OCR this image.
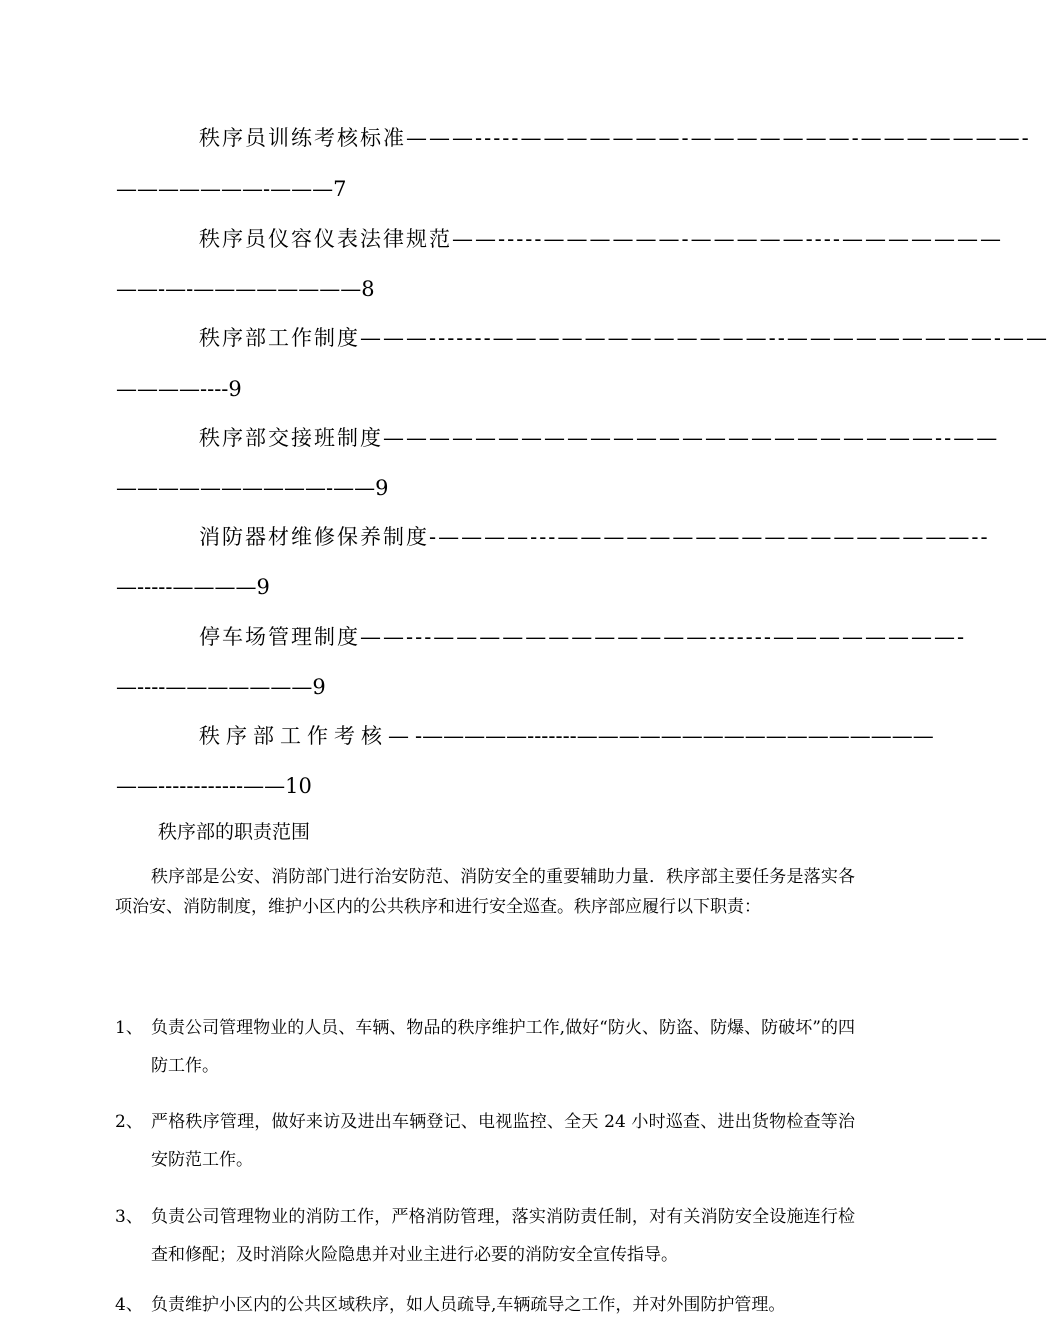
秩序员训练考核标准———-----———————-———————-———————-
———————-———7
秩序员仪容仪表法律规范——-----——————-—————----———————
——-—-————————8
秩序部工作制度———-------————————————--—————————-——
————----9
秩序部交接班制度————————————————————————--——
——————————-——9
消防器材维修保养制度-————---——————————————————--
—-----————9
停车场管理制度——---————————————-------————————-
—----———————9
秩序部工作考核—-—————-------—————————————————
——------------——10
秩序部的职责范围

秩序部是公安、消防部门进行治安防范、消防安全的重要辅助力量．秩序部主要任务是落实各项治安、消防制度，维护小区内的公共秩序和进行安全巡查。秩序部应履行以下职责：

1、 负责公司管理物业的人员、车辆、物品的秩序维护工作,做好“防火、防盗、防爆、防破坏”的四防工作。
2、 严格秩序管理，做好来访及进出车辆登记、电视监控、全天 24 小时巡查、进出货物检查等治安防范工作。
3、 负责公司管理物业的消防工作，严格消防管理，落实消防责任制，对有关消防安全设施连行检查和修配；及时消除火险隐患并对业主进行必要的消防安全宣传指导。
4、 负责维护小区内的公共区域秩序，如人员疏导,车辆疏导之工作，并对外围防护管理。
